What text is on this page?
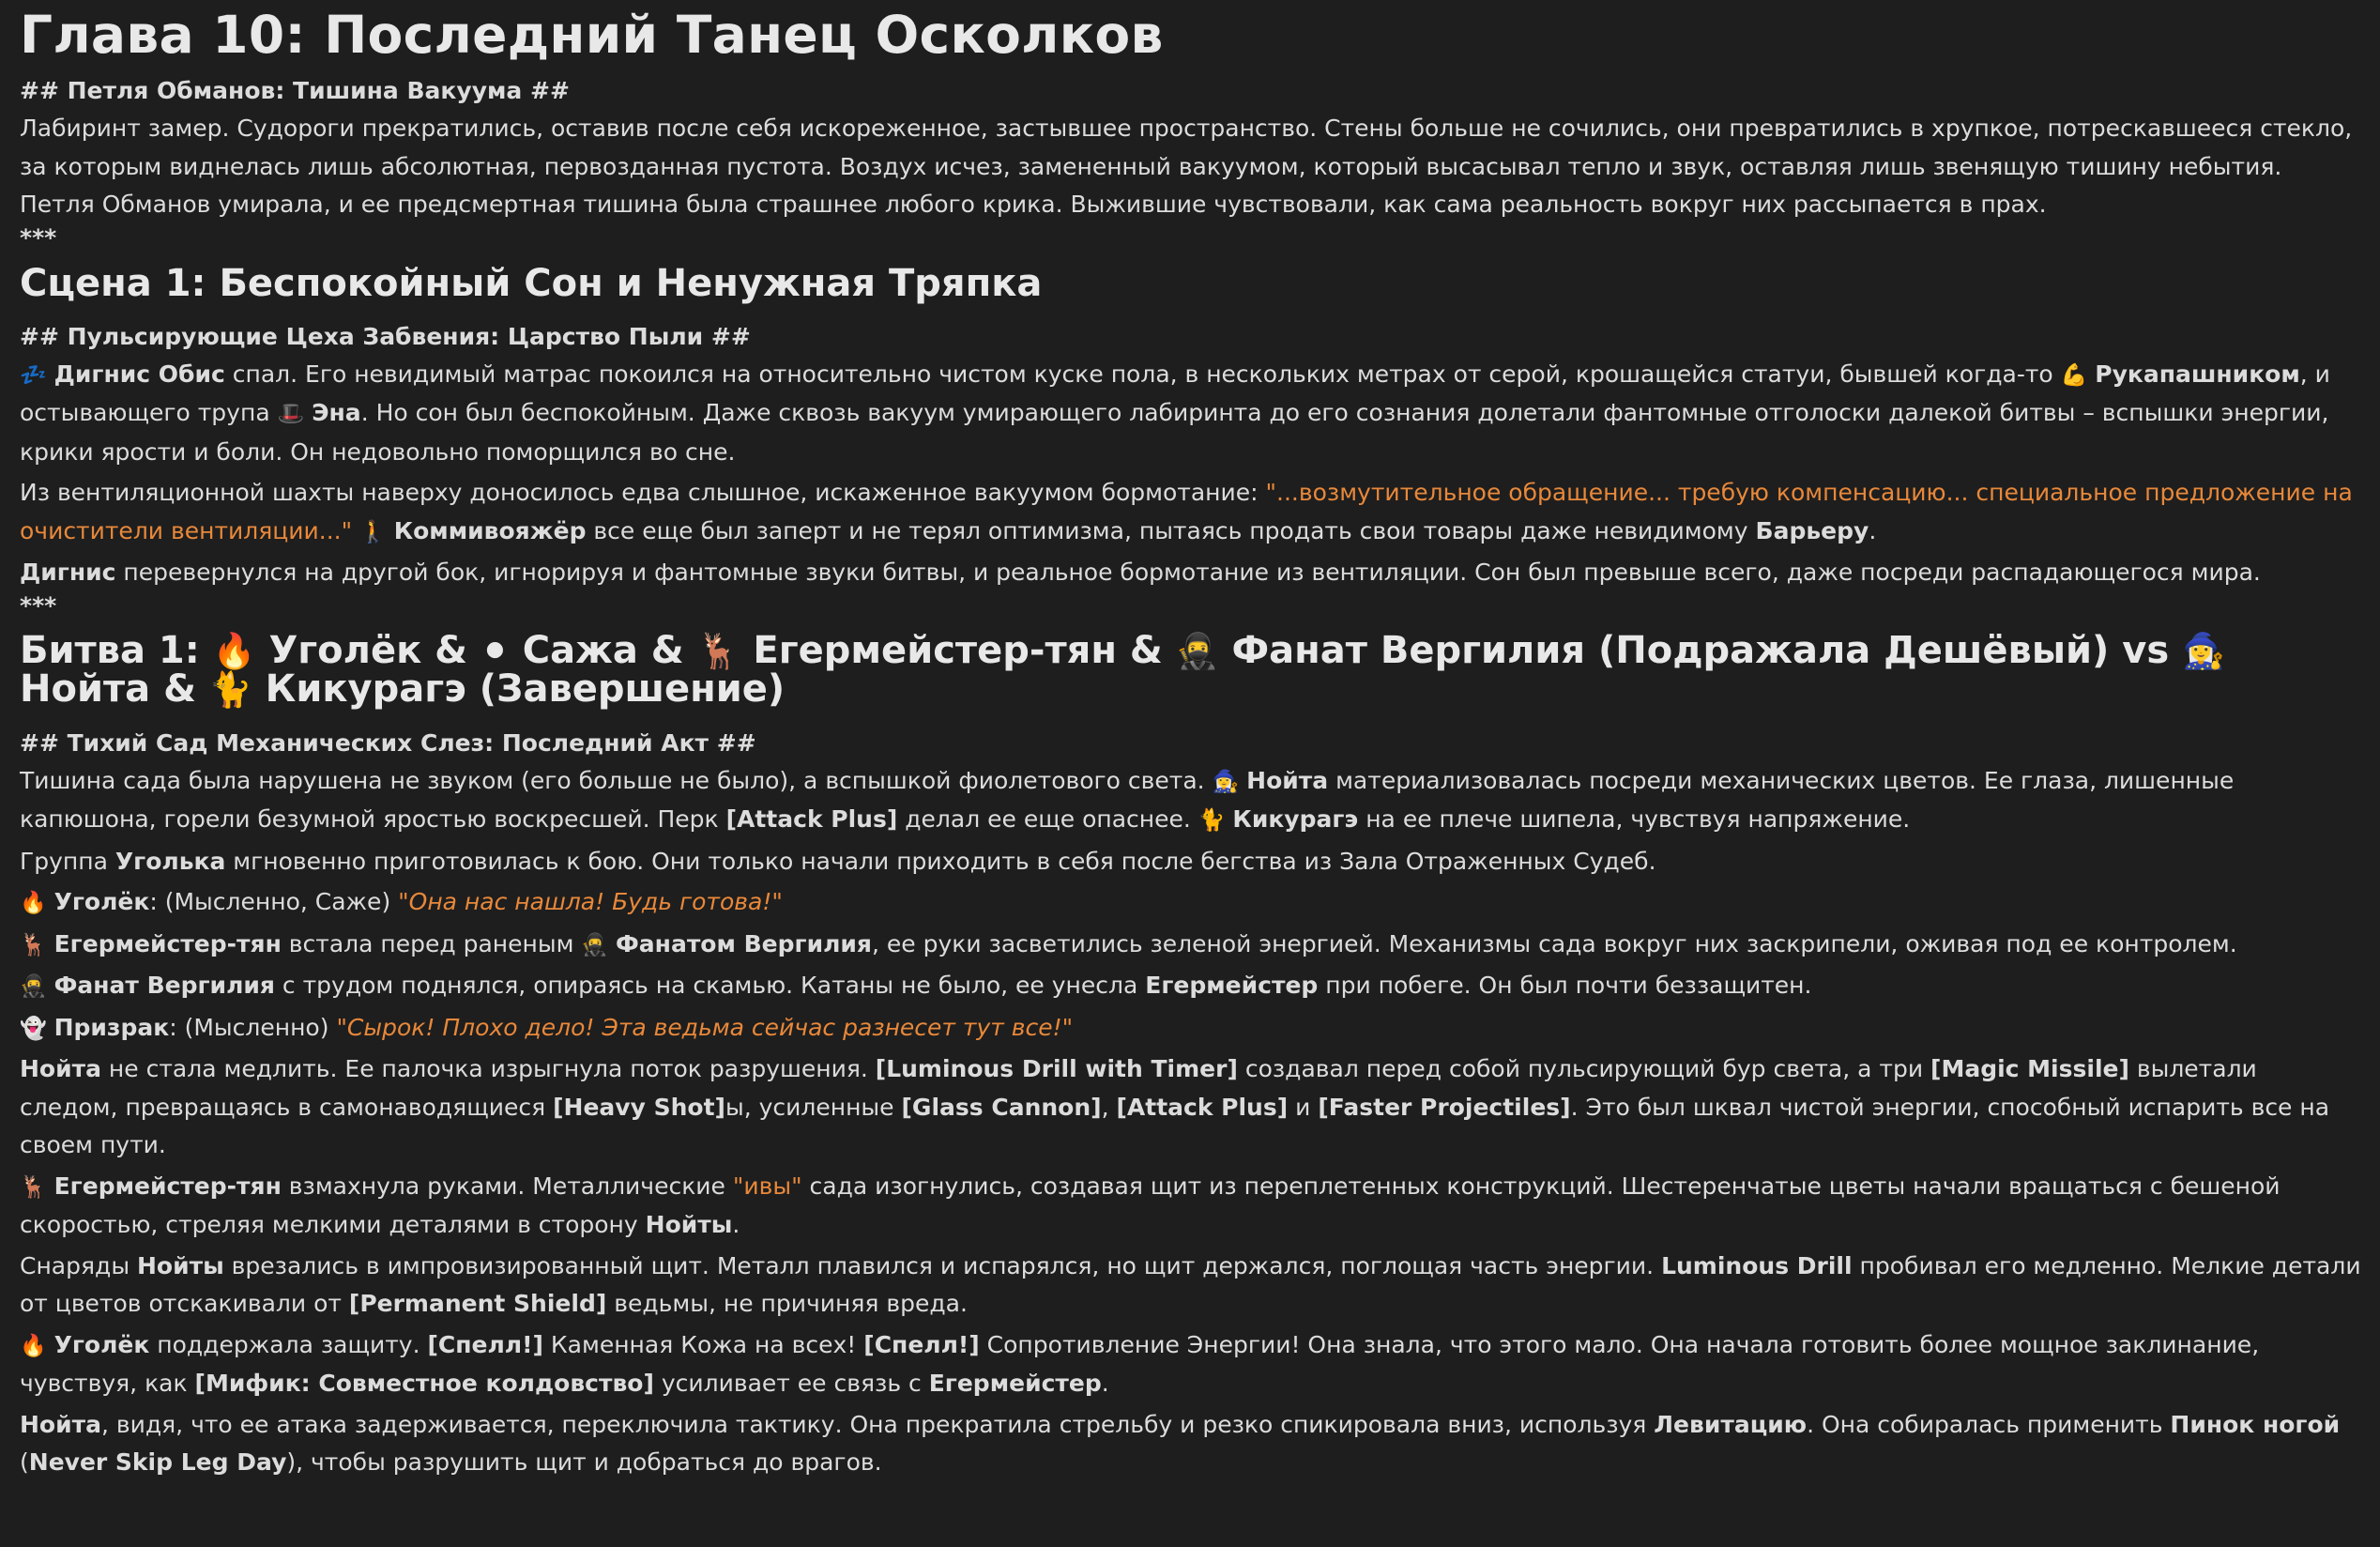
Глава 10: Последний Танец Осколков
## Петля Обманов: Тишина Вакуума ##

Лабиринт замер. Судороги прекратились, оставив после себя искореженное, застывшее пространство. Стены больше не сочились, они превратились в хрупкое, потрескавшееся стекло, за которым виднелась лишь абсолютная, первозданная пустота. Воздух исчез, замененный вакуумом, который высасывал тепло и звук, оставляя лишь звенящую тишину небытия. Петля Обманов умирала, и ее предсмертная тишина была страшнее любого крика. Выжившие чувствовали, как сама реальность вокруг них рассыпается в прах.

***
Сцена 1: Беспокойный Сон и Ненужная Тряпка
## Пульсирующие Цеха Забвения: Царство Пыли ##

💤 Дигнис Обис спал. Его невидимый матрас покоился на относительно чистом куске пола, в нескольких метрах от серой, крошащейся статуи, бывшей когда-то 💪 Рукапашником, и остывающего трупа 🎩 Эна. Но сон был беспокойным. Даже сквозь вакуум умирающего лабиринта до его сознания долетали фантомные отголоски далекой битвы – вспышки энергии, крики ярости и боли. Он недовольно поморщился во сне.

Из вентиляционной шахты наверху доносилось едва слышное, искаженное вакуумом бормотание: "...возмутительное обращение... требую компенсацию... специальное предложение на очистители вентиляции..." 🚶 Коммивояжёр все еще был заперт и не терял оптимизма, пытаясь продать свои товары даже невидимому Барьеру.

Дигнис перевернулся на другой бок, игнорируя и фантомные звуки битвы, и реальное бормотание из вентиляции. Сон был превыше всего, даже посреди распадающегося мира.

***
Битва 1: 🔥 Уголёк & ⚫ Сажа & 🦌 Егермейстер-тян & 🥷 Фанат Вергилия (Подражала Дешёвый) vs 🧙‍♀️ Нойта & 🐈 Кикурагэ (Завершение)
## Тихий Сад Механических Слез: Последний Акт ##

Тишина сада была нарушена не звуком (его больше не было), а вспышкой фиолетового света. 🧙‍♀️ Нойта материализовалась посреди механических цветов. Ее глаза, лишенные капюшона, горели безумной яростью воскресшей. Перк [Attack Plus] делал ее еще опаснее. 🐈 Кикурагэ на ее плече шипела, чувствуя напряжение.

Группа Уголька мгновенно приготовилась к бою. Они только начали приходить в себя после бегства из Зала Отраженных Судеб.

🔥 Уголёк: (Мысленно, Саже) "Она нас нашла! Будь готова!"

🦌 Егермейстер-тян встала перед раненым 🥷 Фанатом Вергилия, ее руки засветились зеленой энергией. Механизмы сада вокруг них заскрипели, оживая под ее контролем.

🥷 Фанат Вергилия с трудом поднялся, опираясь на скамью. Катаны не было, ее унесла Егермейстер при побеге. Он был почти беззащитен.

👻 Призрак: (Мысленно) "Сырок! Плохо дело! Эта ведьма сейчас разнесет тут все!"

Нойта не стала медлить. Ее палочка изрыгнула поток разрушения. [Luminous Drill with Timer] создавал перед собой пульсирующий бур света, а три [Magic Missile] вылетали следом, превращаясь в самонаводящиеся [Heavy Shot]ы, усиленные [Glass Cannon], [Attack Plus] и [Faster Projectiles]. Это был шквал чистой энергии, способный испарить все на своем пути.

🦌 Егермейстер-тян взмахнула руками. Металлические "ивы" сада изогнулись, создавая щит из переплетенных конструкций. Шестеренчатые цветы начали вращаться с бешеной скоростью, стреляя мелкими деталями в сторону Нойты.

Снаряды Нойты врезались в импровизированный щит. Металл плавился и испарялся, но щит держался, поглощая часть энергии. Luminous Drill пробивал его медленно. Мелкие детали от цветов отскакивали от [Permanent Shield] ведьмы, не причиняя вреда.

🔥 Уголёк поддержала защиту. [Спелл!] Каменная Кожа на всех! [Спелл!] Сопротивление Энергии! Она знала, что этого мало. Она начала готовить более мощное заклинание, чувствуя, как [Мифик: Совместное колдовство] усиливает ее связь с Егермейстер.

Нойта, видя, что ее атака задерживается, переключила тактику. Она прекратила стрельбу и резко спикировала вниз, используя Левитацию. Она собиралась применить Пинок ногой (Never Skip Leg Day), чтобы разрушить щит и добраться до врагов.
